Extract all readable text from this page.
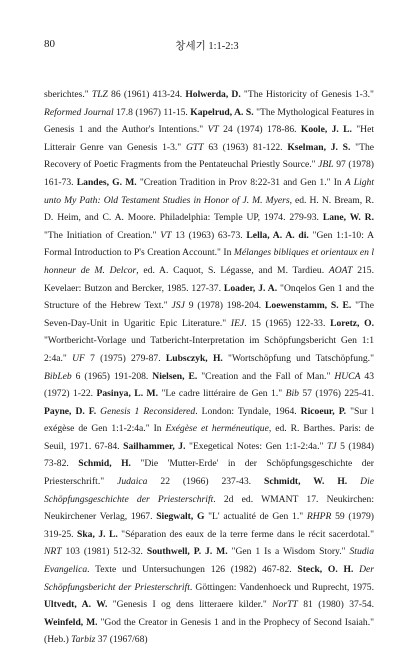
80	창세기 1:1-2:3
sberichtes." TLZ 86 (1961) 413-24. Holwerda, D. "The Historicity of Genesis 1-3." Reformed Journal 17.8 (1967) 11-15. Kapelrud, A. S. "The Mythological Features in Genesis 1 and the Author's Intentions." VT 24 (1974) 178-86. Koole, J. L. "Het Litterair Genre van Genesis 1-3." GTT 63 (1963) 81-122. Kselman, J. S. "The Recovery of Poetic Fragments from the Pentateuchal Priestly Source." JBL 97 (1978) 161-73. Landes, G. M. "Creation Tradition in Prov 8:22-31 and Gen 1." In A Light unto My Path: Old Testament Studies in Honor of J. M. Myers, ed. H. N. Bream, R. D. Heim, and C. A. Moore. Philadelphia: Temple UP, 1974. 279-93. Lane, W. R. "The Initiation of Creation." VT 13 (1963) 63-73. Lella, A. A. di. "Gen 1:1-10: A Formal Introduction to P's Creation Account." In Mélanges bibliques et orientaux en l honneur de M. Delcor, ed. A. Caquot, S. Légasse, and M. Tardieu. AOAT 215. Kevelaer: Butzon and Bercker, 1985. 127-37. Loader, J. A. "Onqelos Gen 1 and the Structure of the Hebrew Text." JSJ 9 (1978) 198-204. Loewenstamm, S. E. "The Seven-Day-Unit in Ugaritic Epic Literature." IEJ. 15 (1965) 122-33. Loretz, O. "Wortbericht-Vorlage und Tatbericht-Interpretation im Schöpfungsbericht Gen 1:1 2:4a." UF 7 (1975) 279-87. Lubsczyk, H. "Wortschöpfung und Tatschöpfung." BibLeb 6 (1965) 191-208. Nielsen, E. "Creation and the Fall of Man." HUCA 43 (1972) 1-22. Pasinya, L. M. "Le cadre littéraire de Gen 1." Bib 57 (1976) 225-41. Payne, D. F. Genesis 1 Reconsidered. London: Tyndale, 1964. Ricoeur, P. "Sur l exégèse de Gen 1:1-2:4a." In Exégèse et herméneutique, ed. R. Barthes. Paris: de Seuil, 1971. 67-84. Sailhammer, J. "Exegetical Notes: Gen 1:1-2:4a." TJ 5 (1984) 73-82. Schmid, H. "Die 'Mutter-Erde' in der Schöpfungsgeschichte der Priesterschrift." Judaica 22 (1966) 237-43. Schmidt, W. H. Die Schöpfungsgeschichte der Priesterschrift. 2d ed. WMANT 17. Neukirchen: Neukirchener Verlag, 1967. Siegwalt, G "L' actualité de Gen 1." RHPR 59 (1979) 319-25. Ska, J. L. "Séparation des eaux de la terre ferme dans le récit sacerdotal." NRT 103 (1981) 512-32. Southwell, P. J. M. "Gen 1 Is a Wisdom Story." Studia Evangelica. Texte und Untersuchungen 126 (1982) 467-82. Steck, O. H. Der Schöpfungsbericht der Priesterschrift. Göttingen: Vandenhoeck und Ruprecht, 1975. Ultvedt, A. W. "Genesis I og dens litteraere kilder." NorTT 81 (1980) 37-54. Weinfeld, M. "God the Creator in Genesis 1 and in the Prophecy of Second Isaiah." (Heb.) Tarbiz 37 (1967/68)
